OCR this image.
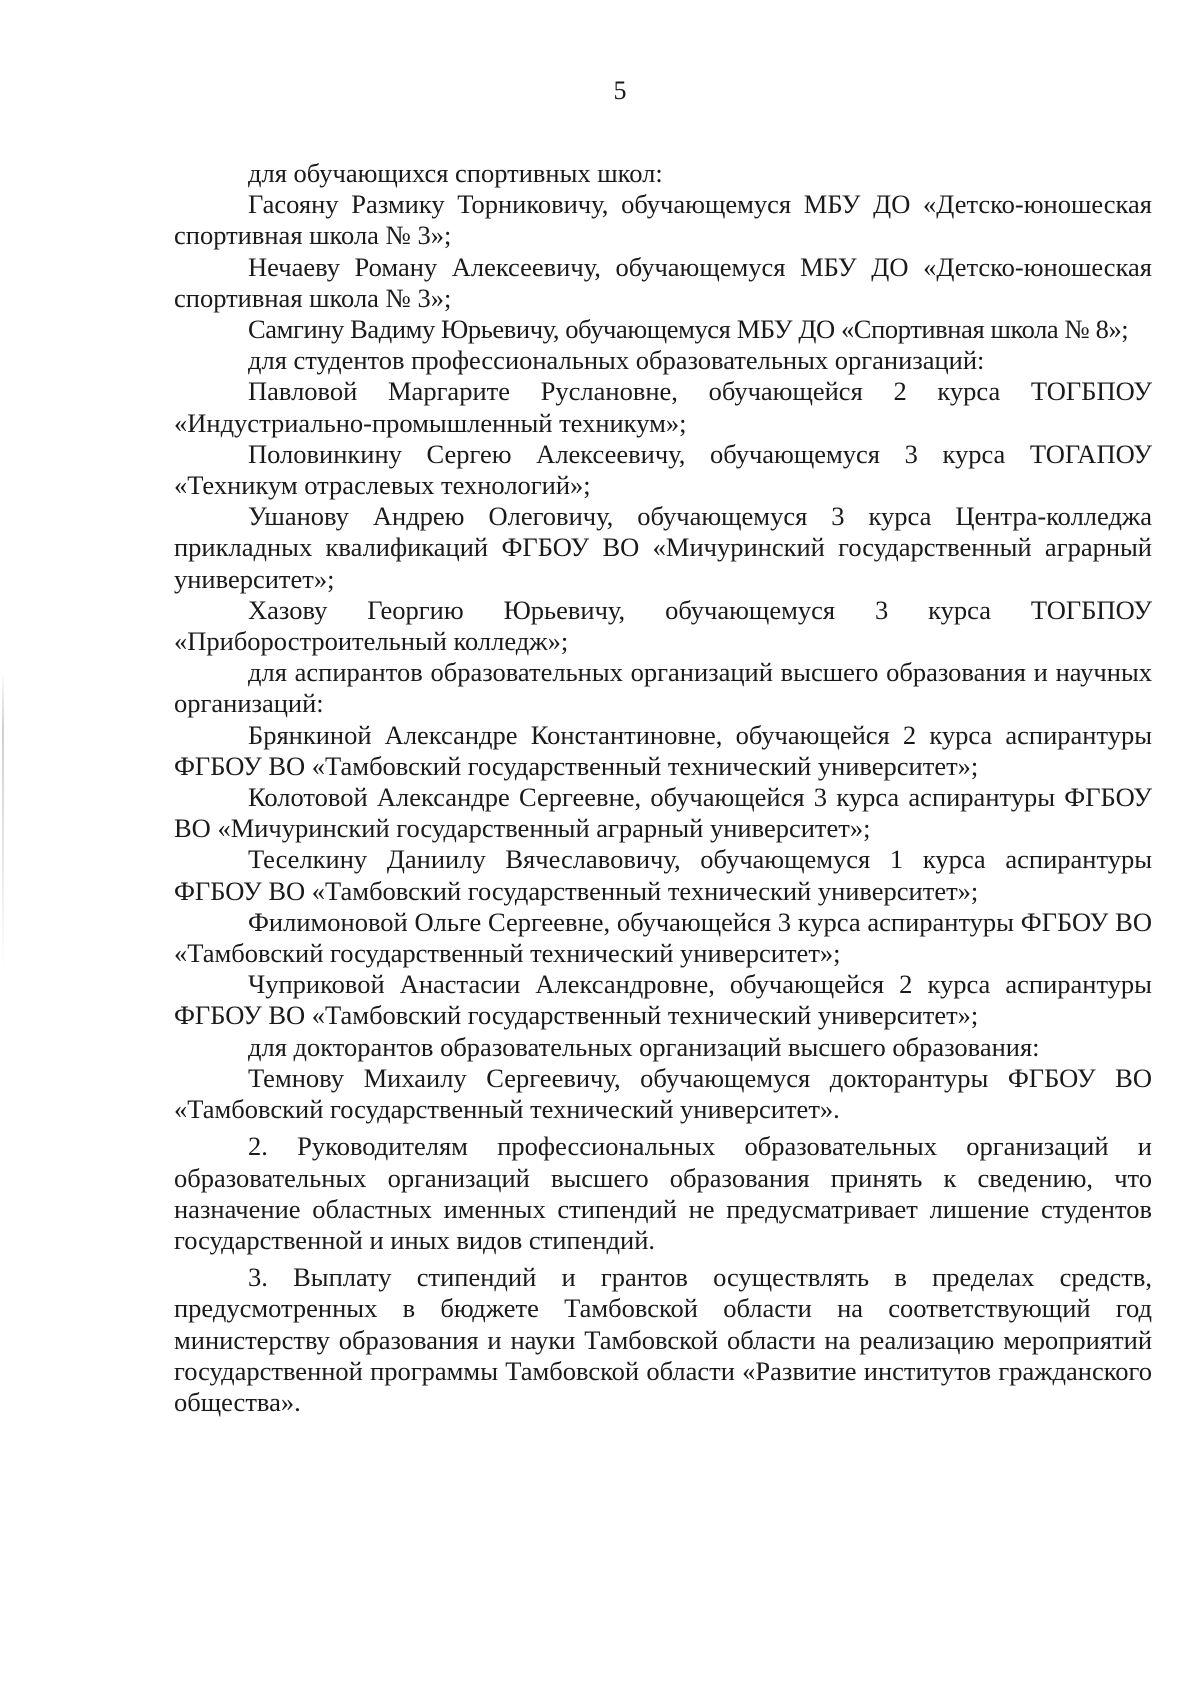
5

для обучающихся спортивных школ:

Гасояну Размику Торниковичу, обучающемуся МБУ ДО «Детско-юношеская спортивная школа № 3»;

Нечаеву Роману Алексеевичу, обучающемуся МБУ ДО «Детско-юношеская спортивная школа № 3»;

Самгину Вадиму Юрьевичу, обучающемуся МБУ ДО «Спортивная школа № 8»;

для студентов профессиональных образовательных организаций:

Павловой Маргарите Руслановне, обучающейся 2 курса ТОГБПОУ «Индустриально-промышленный техникум»;

Половинкину Сергею Алексеевичу, обучающемуся 3 курса ТОГАПОУ «Техникум отраслевых технологий»;

Ушанову Андрею Олеговичу, обучающемуся 3 курса Центра-колледжа прикладных квалификаций ФГБОУ ВО «Мичуринский государственный аграрный университет»;

Хазову Георгию Юрьевичу, обучающемуся 3 курса ТОГБПОУ «Приборостроительный колледж»;

для аспирантов образовательных организаций высшего образования и научных организаций:

Брянкиной Александре Константиновне, обучающейся 2 курса аспирантуры ФГБОУ ВО «Тамбовский государственный технический университет»;

Колотовой Александре Сергеевне, обучающейся 3 курса аспирантуры ФГБОУ ВО «Мичуринский государственный аграрный университет»;

Теселкину Даниилу Вячеславовичу, обучающемуся 1 курса аспирантуры ФГБОУ ВО «Тамбовский государственный технический университет»;

Филимоновой Ольге Сергеевне, обучающейся 3 курса аспирантуры ФГБОУ ВО «Тамбовский государственный технический университет»;

Чуприковой Анастасии Александровне, обучающейся 2 курса аспирантуры ФГБОУ ВО «Тамбовский государственный технический университет»;

для докторантов образовательных организаций высшего образования:

Темнову Михаилу Сергеевичу, обучающемуся докторантуры ФГБОУ ВО «Тамбовский государственный технический университет».

2. Руководителям профессиональных образовательных организаций и образовательных организаций высшего образования принять к сведению, что назначение областных именных стипендий не предусматривает лишение студентов государственной и иных видов стипендий.

3. Выплату стипендий и грантов осуществлять в пределах средств, предусмотренных в бюджете Тамбовской области на соответствующий год министерству образования и науки Тамбовской области на реализацию мероприятий государственной программы Тамбовской области «Развитие институтов гражданского общества».
